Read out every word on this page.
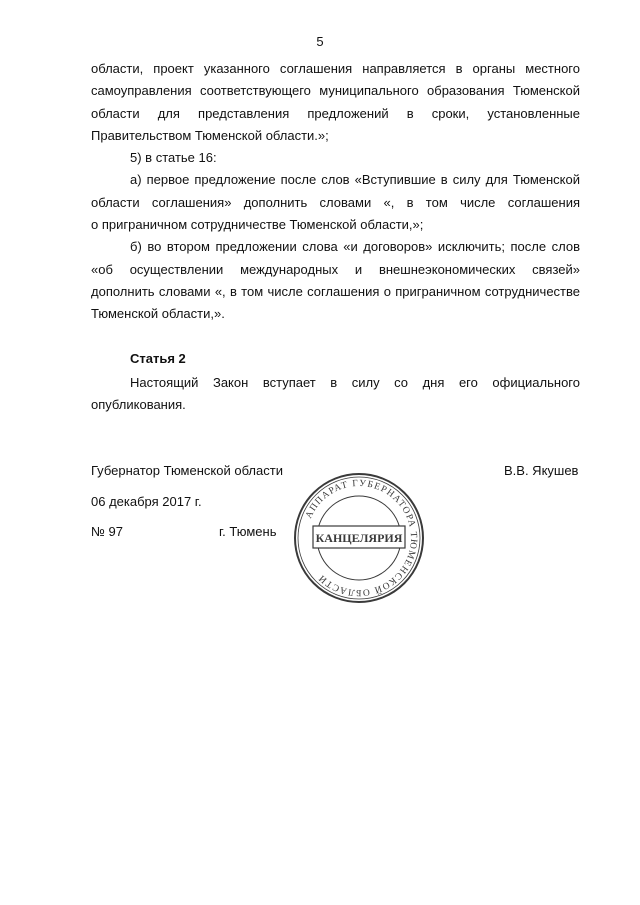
5

области, проект указанного соглашения направляется в органы местного

самоуправления соответствующего муниципального образования Тюменской

области для представления предложений в сроки, установленные

Правительством Тюменской области.»;

5) в статье 16:

а) первое предложение после слов «Вступившие в силу для Тюменской

области соглашения» дополнить словами «, в том числе соглашения

о приграничном сотрудничестве Тюменской области,»;

б) во втором предложении слова «и договоров» исключить; после слов

«об осуществлении международных и внешнеэкономических связей»

дополнить словами «, в том числе соглашения о приграничном сотрудничестве

Тюменской области,».

Статья 2

Настоящий Закон вступает в силу со дня его официального

опубликования.

Губернатор Тюменской области	В.В. Якушев
06 декабря 2017 г.
№ 97	г. Тюмень
АППАРАТ ГУБЕРНАТОРА ТЮМЕНСКОЙ ОБЛАСТИ
КАНЦЕЛЯРИЯ
